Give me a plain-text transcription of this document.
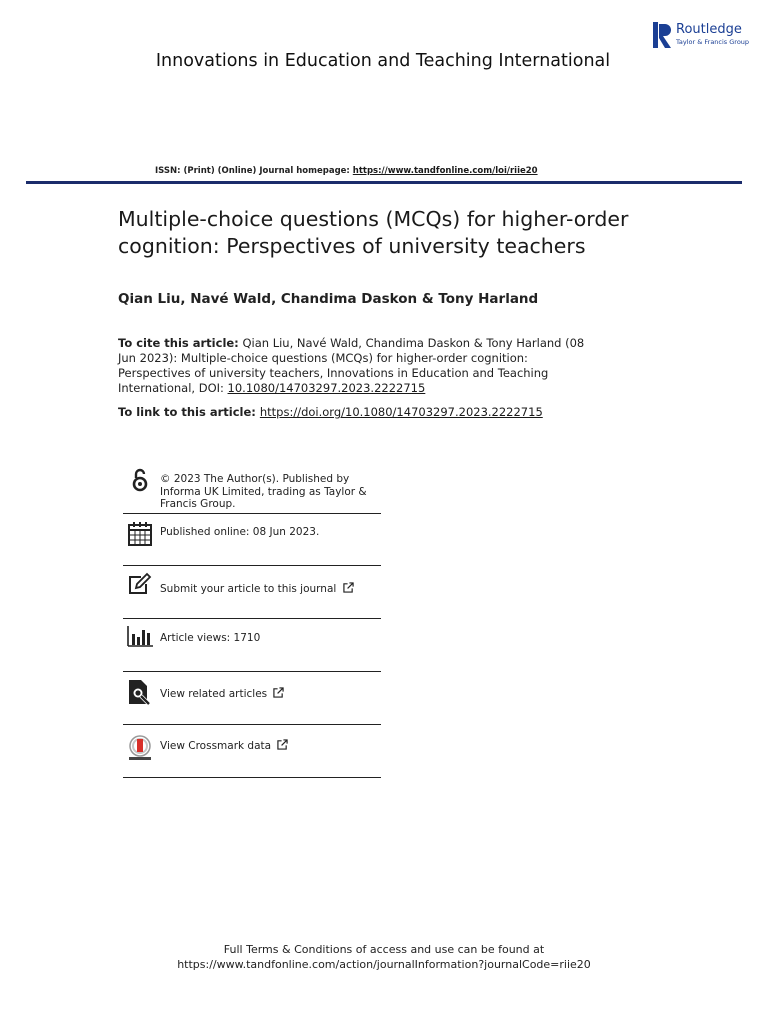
Routledge
Taylor & Francis Group
Innovations in Education and Teaching International
ISSN: (Print) (Online) Journal homepage: https://www.tandfonline.com/loi/riie20
Multiple-choice questions (MCQs) for higher-order cognition: Perspectives of university teachers
Qian Liu, Navé Wald, Chandima Daskon & Tony Harland
To cite this article: Qian Liu, Navé Wald, Chandima Daskon & Tony Harland (08 Jun 2023): Multiple-choice questions (MCQs) for higher-order cognition: Perspectives of university teachers, Innovations in Education and Teaching International, DOI: 10.1080/14703297.2023.2222715
To link to this article: https://doi.org/10.1080/14703297.2023.2222715
© 2023 The Author(s). Published by Informa UK Limited, trading as Taylor & Francis Group.
Published online: 08 Jun 2023.
Submit your article to this journal
Article views: 1710
View related articles
View Crossmark data
Full Terms & Conditions of access and use can be found at
https://www.tandfonline.com/action/journalInformation?journalCode=riie20
